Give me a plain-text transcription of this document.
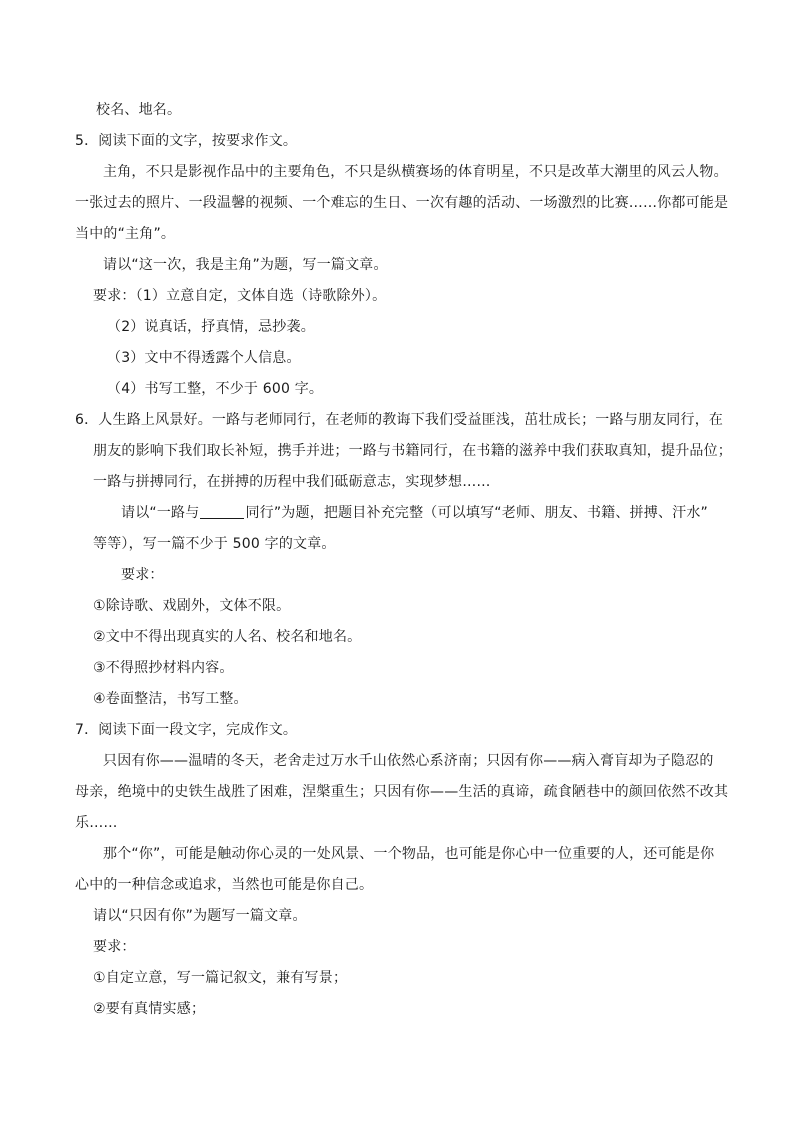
校名、地名。
5．阅读下面的文字，按要求作文。
主角，不只是影视作品中的主要角色，不只是纵横赛场的体育明星，不只是改革大潮里的风云人物。
一张过去的照片、一段温馨的视频、一个难忘的生日、一次有趣的活动、一场激烈的比赛……你都可能是
当中的“主角”。
请以“这一次，我是主角”为题，写一篇文章。
要求：（1）立意自定，文体自选（诗歌除外）。
（2）说真话，抒真情，忌抄袭。
（3）文中不得透露个人信息。
（4）书写工整，不少于 600 字。
6．人生路上风景好。一路与老师同行，在老师的教诲下我们受益匪浅，茁壮成长；一路与朋友同行，在
朋友的影响下我们取长补短，携手并进；一路与书籍同行，在书籍的滋养中我们获取真知，提升品位；
一路与拼搏同行，在拼搏的历程中我们砥砺意志，实现梦想……
请以“一路与	同行”为题，把题目补充完整（可以填写“老师、朋友、书籍、拼搏、汗水”
等等），写一篇不少于 500 字的文章。
要求：
①除诗歌、戏剧外，文体不限。
②文中不得出现真实的人名、校名和地名。
③不得照抄材料内容。
④卷面整洁，书写工整。
7．阅读下面一段文字，完成作文。
只因有你——温晴的冬天，老舍走过万水千山依然心系济南；只因有你——病入膏肓却为子隐忍的
母亲，绝境中的史铁生战胜了困难，涅槃重生；只因有你——生活的真谛，疏食陋巷中的颜回依然不改其
乐……
那个“你”，可能是触动你心灵的一处风景、一个物品，也可能是你心中一位重要的人，还可能是你
心中的一种信念或追求，当然也可能是你自己。
请以“只因有你”为题写一篇文章。
要求：
①自定立意，写一篇记叙文，兼有写景；
②要有真情实感；
